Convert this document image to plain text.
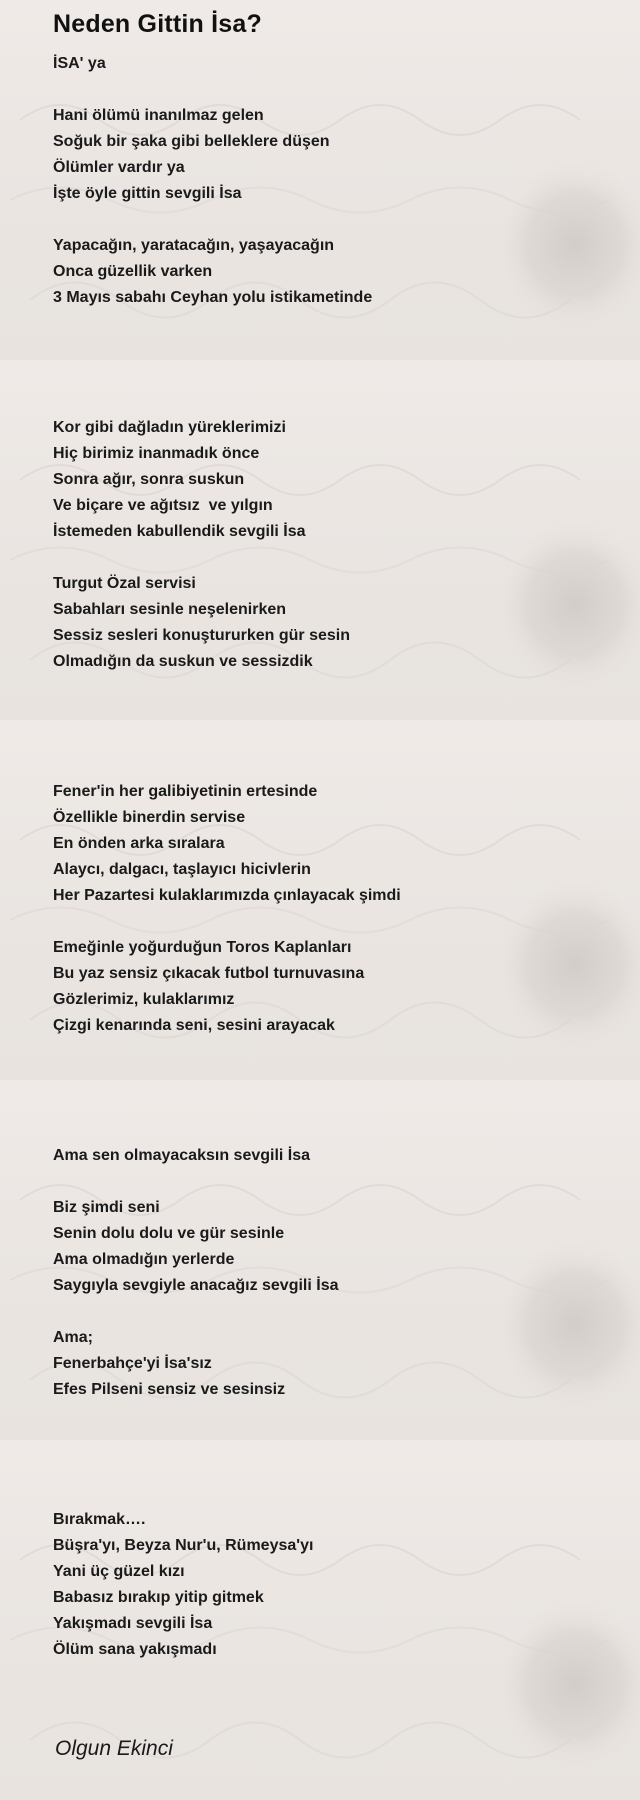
Neden Gittin İsa?
İSA' ya
Hani ölümü inanılmaz gelen
Soğuk bir şaka gibi belleklere düşen
Ölümler vardır ya
İşte öyle gittin sevgili İsa
Yapacağın, yaratacağın, yaşayacağın
Onca güzellik varken
3 Mayıs sabahı Ceyhan yolu istikametinde
Kor gibi dağladın yüreklerimizi
Hiç birimiz inanmadık önce
Sonra ağır, sonra suskun
Ve biçare ve ağıtsız  ve yılgın
İstemeden kabullendik sevgili İsa
Turgut Özal servisi
Sabahları sesinle neşelenirken
Sessiz sesleri konuştururken gür sesin
Olmadığın da suskun ve sessizdik
Fener'in her galibiyetinin ertesinde
Özellikle binerdin servise
En önden arka sıralara
Alaycı, dalgacı, taşlayıcı hicivlerin
Her Pazartesi kulaklarımızda çınlayacak şimdi
Emeğinle yoğurduğun Toros Kaplanları
Bu yaz sensiz çıkacak futbol turnuvasına
Gözlerimiz, kulaklarımız
Çizgi kenarında seni, sesini arayacak
Ama sen olmayacaksın sevgili İsa
Biz şimdi seni
Senin dolu dolu ve gür sesinle
Ama olmadığın yerlerde
Saygıyla sevgiyle anacağız sevgili İsa
Ama;
Fenerbahçe'yi İsa'sız
Efes Pilseni sensiz ve sesinsiz
Bırakmak….
Büşra'yı, Beyza Nur'u, Rümeysa'yı
Yani üç güzel kızı
Babasız bırakıp yitip gitmek
Yakışmadı sevgili İsa
Ölüm sana yakışmadı
Olgun Ekinci
